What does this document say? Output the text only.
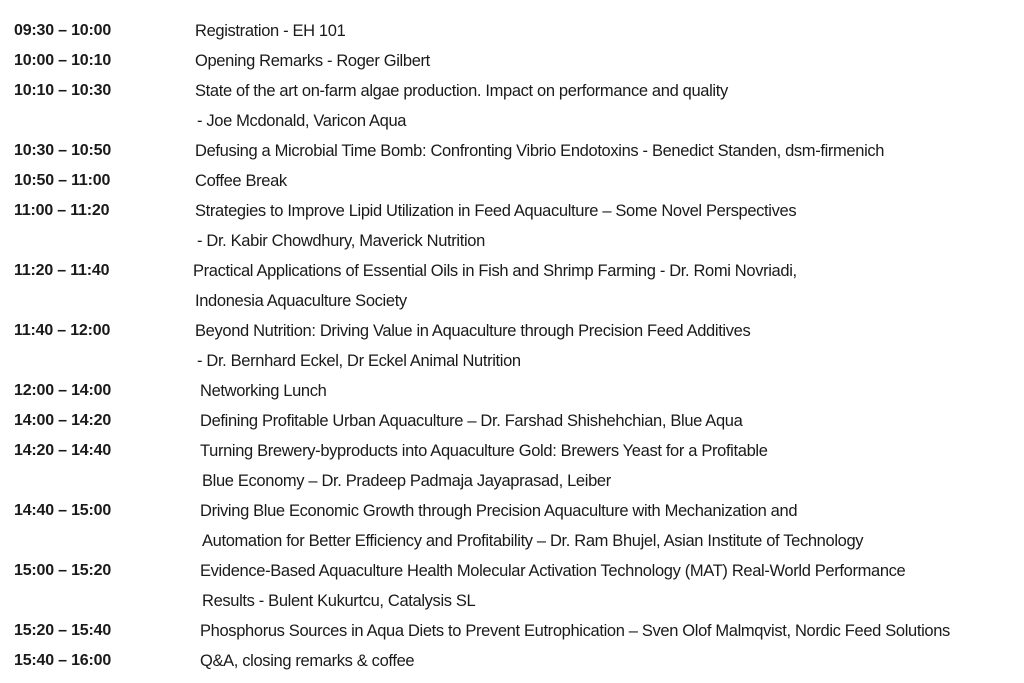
09:30 – 10:00	Registration - EH 101
10:00 – 10:10	Opening Remarks - Roger Gilbert
10:10 – 10:30	State of the art on-farm algae production. Impact on performance and quality
- Joe Mcdonald, Varicon Aqua
10:30 – 10:50	Defusing a Microbial Time Bomb: Confronting Vibrio Endotoxins - Benedict Standen, dsm-firmenich
10:50 – 11:00	Coffee Break
11:00 – 11:20	Strategies to Improve Lipid Utilization in Feed Aquaculture – Some Novel Perspectives
- Dr. Kabir Chowdhury, Maverick Nutrition
11:20 – 11:40	Practical Applications of Essential Oils in Fish and Shrimp Farming - Dr. Romi Novriadi,
Indonesia Aquaculture Society
11:40 – 12:00	Beyond Nutrition: Driving Value in Aquaculture through Precision Feed Additives
- Dr. Bernhard Eckel, Dr Eckel Animal Nutrition
12:00 – 14:00	Networking Lunch
14:00 – 14:20	Defining Profitable Urban Aquaculture – Dr. Farshad Shishehchian, Blue Aqua
14:20 – 14:40	Turning Brewery-byproducts into Aquaculture Gold: Brewers Yeast for a Profitable
Blue Economy – Dr. Pradeep Padmaja Jayaprasad, Leiber
14:40 – 15:00	Driving Blue Economic Growth through Precision Aquaculture with Mechanization and
Automation for Better Efficiency and Profitability – Dr. Ram Bhujel, Asian Institute of Technology
15:00 – 15:20	Evidence-Based Aquaculture Health Molecular Activation Technology (MAT) Real-World Performance
Results - Bulent Kukurtcu, Catalysis SL
15:20 – 15:40	Phosphorus Sources in Aqua Diets to Prevent Eutrophication – Sven Olof Malmqvist, Nordic Feed Solutions
15:40 – 16:00	Q&A, closing remarks & coffee
